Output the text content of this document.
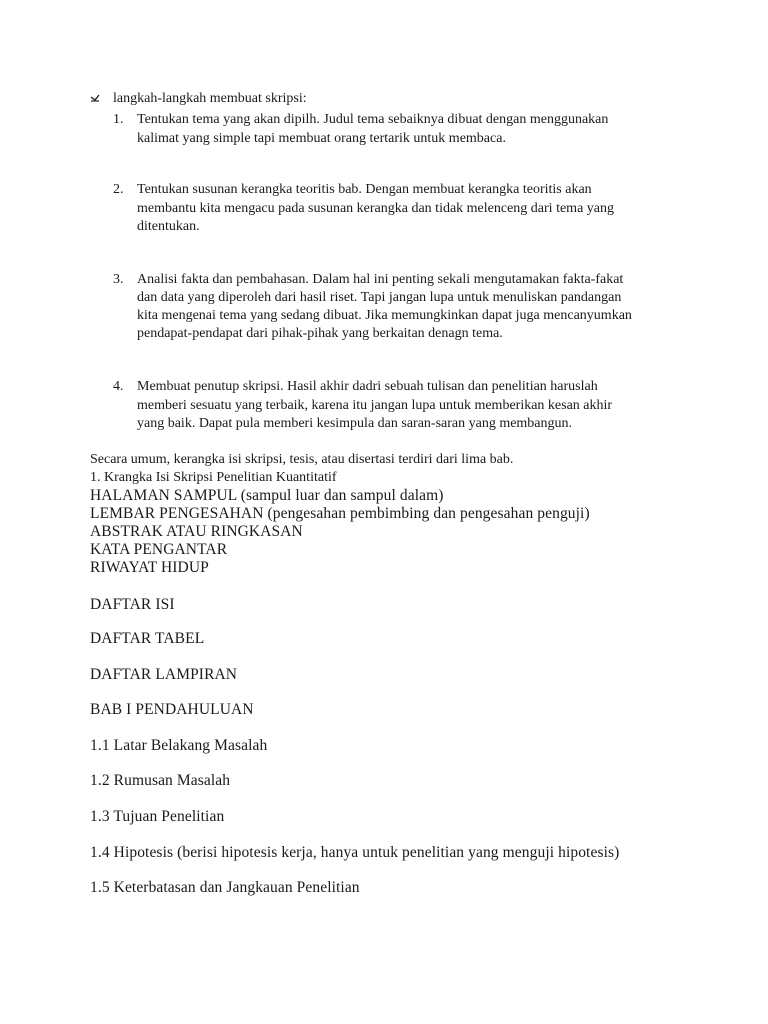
langkah-langkah membuat skripsi:
1. Tentukan tema yang akan dipilh. Judul tema sebaiknya dibuat dengan menggunakan
kalimat yang simple tapi membuat orang tertarik untuk membaca.
2. Tentukan susunan kerangka teoritis bab. Dengan membuat kerangka teoritis akan
membantu kita mengacu pada susunan kerangka dan tidak melenceng dari tema yang
ditentukan.
3. Analisi fakta dan pembahasan. Dalam hal ini penting sekali mengutamakan fakta-fakat
dan data yang diperoleh dari hasil riset. Tapi jangan lupa untuk menuliskan pandangan
kita mengenai tema yang sedang dibuat. Jika memungkinkan dapat juga mencanyumkan
pendapat-pendapat dari pihak-pihak yang berkaitan denagn tema.
4. Membuat penutup skripsi. Hasil akhir dadri sebuah tulisan dan penelitian haruslah
memberi sesuatu yang terbaik, karena itu jangan lupa untuk memberikan kesan akhir
yang baik. Dapat pula memberi kesimpula dan saran-saran yang membangun.
Secara umum, kerangka isi skripsi, tesis, atau disertasi terdiri dari lima bab.
1. Krangka Isi Skripsi Penelitian Kuantitatif
HALAMAN SAMPUL (sampul luar dan sampul dalam)
LEMBAR PENGESAHAN (pengesahan pembimbing dan pengesahan penguji)
ABSTRAK ATAU RINGKASAN
KATA PENGANTAR
RIWAYAT HIDUP
DAFTAR ISI
DAFTAR TABEL
DAFTAR LAMPIRAN
BAB I PENDAHULUAN
1.1 Latar Belakang Masalah
1.2 Rumusan Masalah
1.3 Tujuan Penelitian
1.4 Hipotesis (berisi hipotesis kerja, hanya untuk penelitian yang menguji hipotesis)
1.5 Keterbatasan dan Jangkauan Penelitian
